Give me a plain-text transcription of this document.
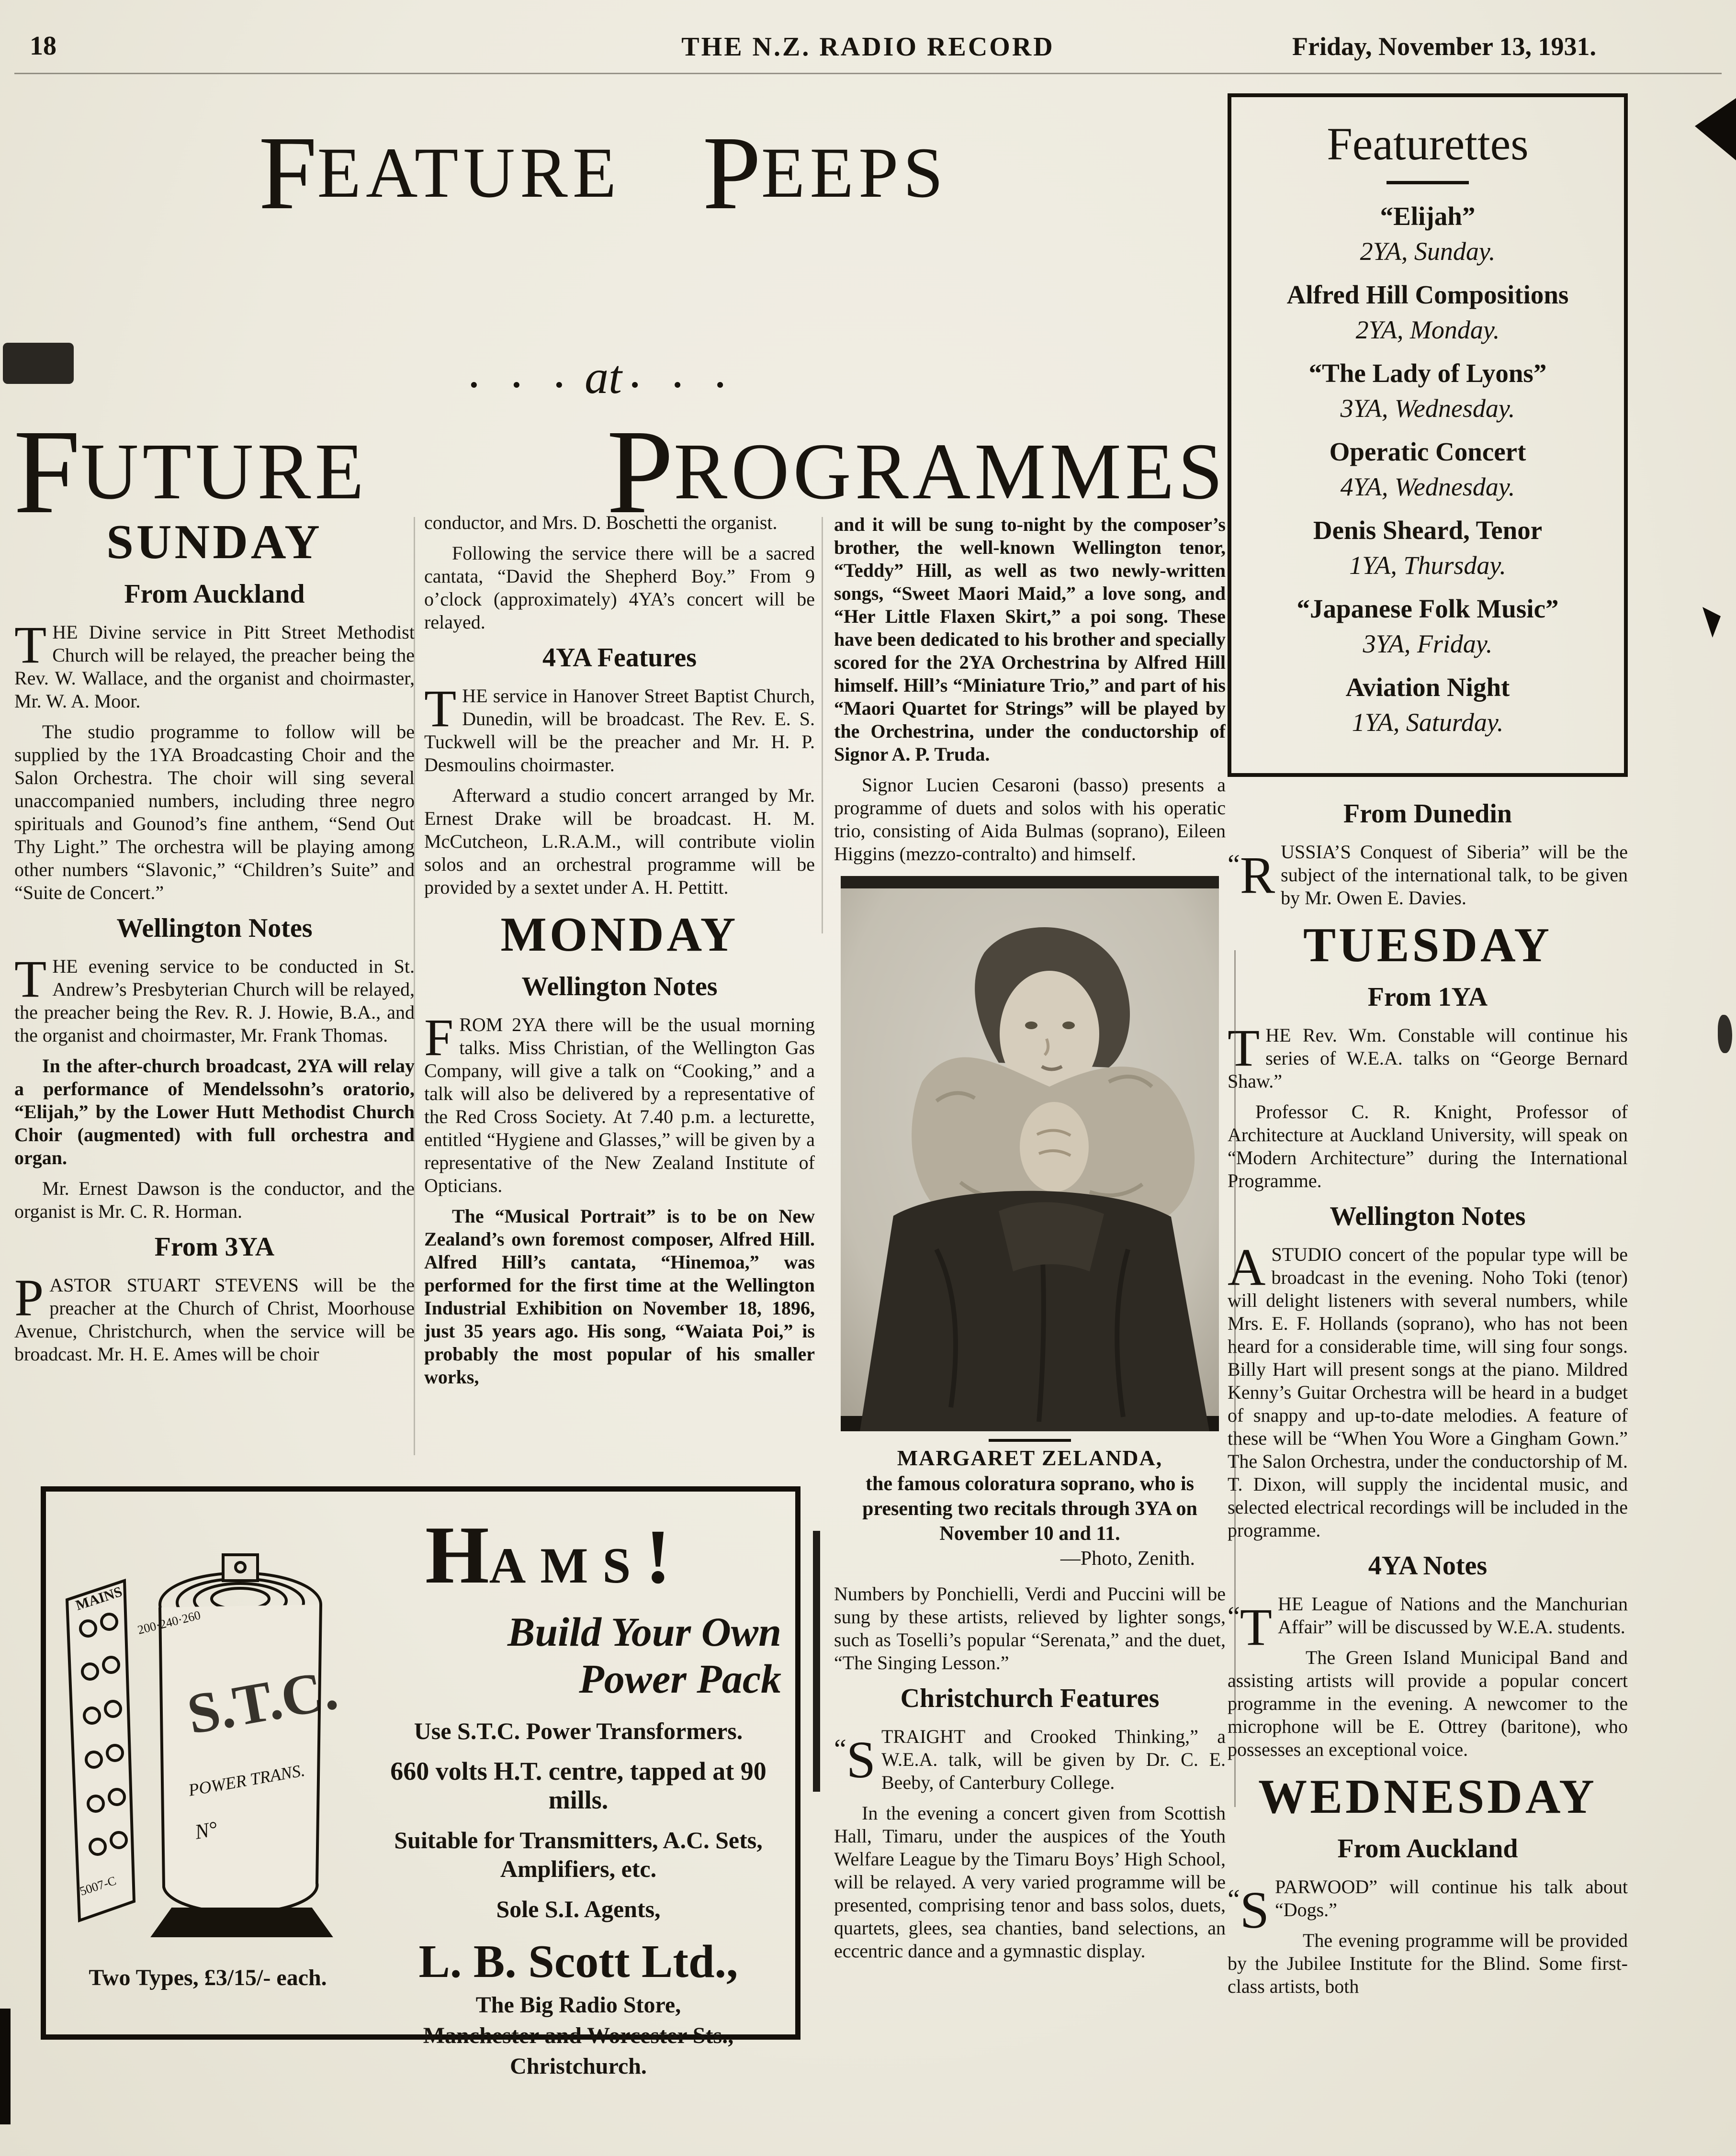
18	THE N.Z. RADIO RECORD	Friday, November 13, 1931.
F EATURE P EEPS
. . . at . . .
F UTURE P ROGRAMMES
Featurettes
“Elijah”
2YA, Sunday.
Alfred Hill Compositions
2YA, Monday.
“The Lady of Lyons”
3YA, Wednesday.
Operatic Concert
4YA, Wednesday.
Denis Sheard, Tenor
1YA, Thursday.
“Japanese Folk Music”
3YA, Friday.
Aviation Night
1YA, Saturday.
SUNDAY
From Auckland

THE Divine service in Pitt Street Methodist Church will be relayed, the preacher being the Rev. W. Wallace, and the organist and choirmaster, Mr. W. A. Moor.

The studio programme to follow will be supplied by the 1YA Broadcasting Choir and the Salon Orchestra. The choir will sing several unaccompanied numbers, including three negro spirituals and Gounod’s fine anthem, “Send Out Thy Light.” The orchestra will be playing among other numbers “Slavonic,” “Children’s Suite” and “Suite de Concert.”

Wellington Notes

THE evening service to be conducted in St. Andrew’s Presbyterian Church will be relayed, the preacher being the Rev. R. J. Howie, B.A., and the organist and choirmaster, Mr. Frank Thomas.

In the after-church broadcast, 2YA will relay a performance of Mendelssohn’s oratorio, “Elijah,” by the Lower Hutt Methodist Church Choir (augmented) with full orchestra and organ.

Mr. Ernest Dawson is the conductor, and the organist is Mr. C. R. Horman.

From 3YA

PASTOR STUART STEVENS will be the preacher at the Church of Christ, Moorhouse Avenue, Christchurch, when the service will be broadcast. Mr. H. E. Ames will be choir

conductor, and Mrs. D. Boschetti the organist.

Following the service there will be a sacred cantata, “David the Shepherd Boy.” From 9 o’clock (approximately) 4YA’s concert will be relayed.

4YA Features

THE service in Hanover Street Baptist Church, Dunedin, will be broadcast. The Rev. E. S. Tuckwell will be the preacher and Mr. H. P. Desmoulins choirmaster.

Afterward a studio concert arranged by Mr. Ernest Drake will be broadcast. H. M. McCutcheon, L.R.A.M., will contribute violin solos and an orchestral programme will be provided by a sextet under A. H. Pettitt.

MONDAY
Wellington Notes

FROM 2YA there will be the usual morning talks. Miss Christian, of the Wellington Gas Company, will give a talk on “Cooking,” and a talk will also be delivered by a representative of the Red Cross Society. At 7.40 p.m. a lecturette, entitled “Hygiene and Glasses,” will be given by a representative of the New Zealand Institute of Opticians.

The “Musical Portrait” is to be on New Zealand’s own foremost composer, Alfred Hill. Alfred Hill’s cantata, “Hinemoa,” was performed for the first time at the Wellington Industrial Exhibition on November 18, 1896, just 35 years ago. His song, “Waiata Poi,” is probably the most popular of his smaller works,

and it will be sung to-night by the composer’s brother, the well-known Wellington tenor, “Teddy” Hill, as well as two newly-written songs, “Sweet Maori Maid,” a love song, and “Her Little Flaxen Skirt,” a poi song. These have been dedicated to his brother and specially scored for the 2YA Orchestrina by Alfred Hill himself. Hill’s “Miniature Trio,” and part of his “Maori Quartet for Strings” will be played by the Orchestrina, under the conductorship of Signor A. P. Truda.

Signor Lucien Cesaroni (basso) presents a programme of duets and solos with his operatic trio, consisting of Aida Bulmas (soprano), Eileen Higgins (mezzo-contralto) and himself.

MARGARET ZELANDA,
the famous coloratura soprano, who is presenting two recitals through 3YA on November 10 and 11.
—Photo, Zenith.

Numbers by Ponchielli, Verdi and Puccini will be sung by these artists, relieved by lighter songs, such as Toselli’s popular “Serenata,” and the duet, “The Singing Lesson.”

Christchurch Features

“S TRAIGHT and Crooked Thinking,” a W.E.A. talk, will be given by Dr. C. E. Beeby, of Canterbury College.

In the evening a concert given from Scottish Hall, Timaru, under the auspices of the Youth Welfare League by the Timaru Boys’ High School, will be relayed. A very varied programme will be presented, comprising tenor and bass solos, duets, quartets, glees, sea chanties, band selections, an eccentric dance and a gymnastic display.

From Dunedin

“R USSIA’S Conquest of Siberia” will be the subject of the international talk, to be given by Mr. Owen E. Davies.

TUESDAY
From 1YA

THE Rev. Wm. Constable will continue his series of W.E.A. talks on “George Bernard Shaw.”

Professor C. R. Knight, Professor of Architecture at Auckland University, will speak on “Modern Architecture” during the International Programme.

Wellington Notes

ASTUDIO concert of the popular type will be broadcast in the evening. Noho Toki (tenor) will delight listeners with several numbers, while Mrs. E. F. Hollands (soprano), who has not been heard for a considerable time, will sing four songs. Billy Hart will present songs at the piano. Mildred Kenny’s Guitar Orchestra will be heard in a budget of snappy and up-to-date melodies. A feature of these will be “When You Wore a Gingham Gown.” The Salon Orchestra, under the conductorship of M. T. Dixon, will supply the incidental music, and selected electrical recordings will be included in the programme.

4YA Notes

“T HE League of Nations and the Manchurian Affair” will be discussed by W.E.A. students.

The Green Island Municipal Band and assisting artists will provide a popular concert programme in the evening. A newcomer to the microphone will be E. Ottrey (baritone), who possesses an exceptional voice.

WEDNESDAY
From Auckland

“S PARWOOD” will continue his talk about “Dogs.”

The evening programme will be provided by the Jubilee Institute for the Blind. Some first-class artists, both

MAINS
200·240·260
S.T.C.
POWER TRANS.
N°
5007-C
Two Types, £3/15/- each.
HAMS!
Build Your Own
Power Pack
Use S.T.C. Power Transformers.
660 volts H.T. centre, tapped at 90 mills.
Suitable for Transmitters, A.C. Sets, Amplifiers, etc.
Sole S.I. Agents,
L. B. Scott Ltd.,
The Big Radio Store,
Manchester and Worcester Sts.,
Christchurch.
